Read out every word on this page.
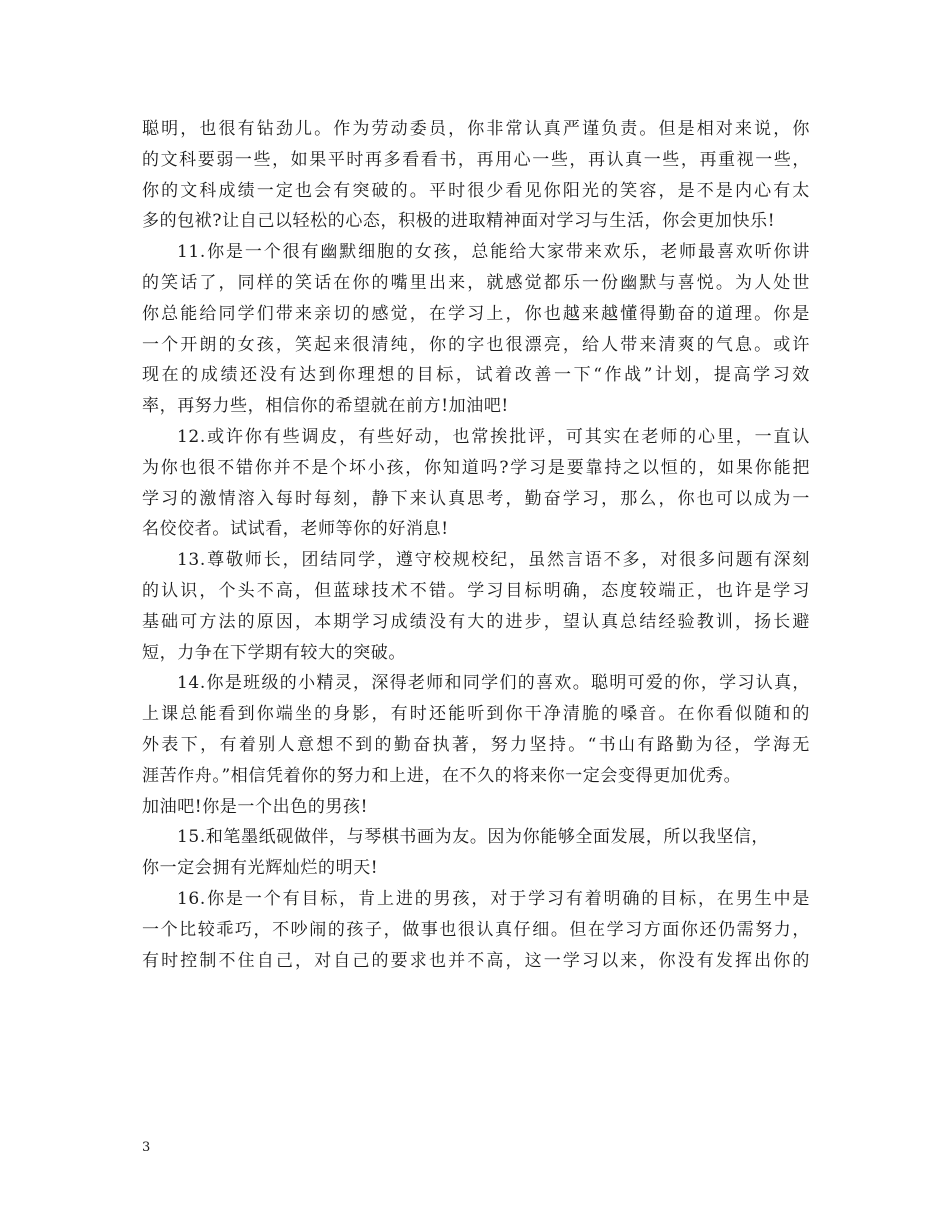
聪明，也很有钻劲儿。作为劳动委员，你非常认真严谨负责。但是相对来说，你
的文科要弱一些，如果平时再多看看书，再用心一些，再认真一些，再重视一些，
你的文科成绩一定也会有突破的。平时很少看见你阳光的笑容，是不是内心有太
多的包袱?让自己以轻松的心态，积极的进取精神面对学习与生活，你会更加快乐!
11.你是一个很有幽默细胞的女孩，总能给大家带来欢乐，老师最喜欢听你讲
的笑话了，同样的笑话在你的嘴里出来，就感觉都乐一份幽默与喜悦。为人处世
你总能给同学们带来亲切的感觉，在学习上，你也越来越懂得勤奋的道理。你是
一个开朗的女孩，笑起来很清纯，你的字也很漂亮，给人带来清爽的气息。或许
现在的成绩还没有达到你理想的目标，试着改善一下“作战”计划，提高学习效
率，再努力些，相信你的希望就在前方!加油吧!
12.或许你有些调皮，有些好动，也常挨批评，可其实在老师的心里，一直认
为你也很不错你并不是个坏小孩，你知道吗?学习是要靠持之以恒的，如果你能把
学习的激情溶入每时每刻，静下来认真思考，勤奋学习，那么，你也可以成为一
名佼佼者。试试看，老师等你的好消息!
13.尊敬师长，团结同学，遵守校规校纪，虽然言语不多，对很多问题有深刻
的认识，个头不高，但蓝球技术不错。学习目标明确，态度较端正，也许是学习
基础可方法的原因，本期学习成绩没有大的进步，望认真总结经验教训，扬长避
短，力争在下学期有较大的突破。
14.你是班级的小精灵，深得老师和同学们的喜欢。聪明可爱的你，学习认真，
上课总能看到你端坐的身影，有时还能听到你干净清脆的嗓音。在你看似随和的
外表下，有着别人意想不到的勤奋执著，努力坚持。“书山有路勤为径，学海无
涯苦作舟。”相信凭着你的努力和上进，在不久的将来你一定会变得更加优秀。
加油吧!你是一个出色的男孩!
15.和笔墨纸砚做伴，与琴棋书画为友。因为你能够全面发展，所以我坚信，
你一定会拥有光辉灿烂的明天!
16.你是一个有目标，肯上进的男孩，对于学习有着明确的目标，在男生中是
一个比较乖巧，不吵闹的孩子，做事也很认真仔细。但在学习方面你还仍需努力，
有时控制不住自己，对自己的要求也并不高，这一学习以来，你没有发挥出你的
3
